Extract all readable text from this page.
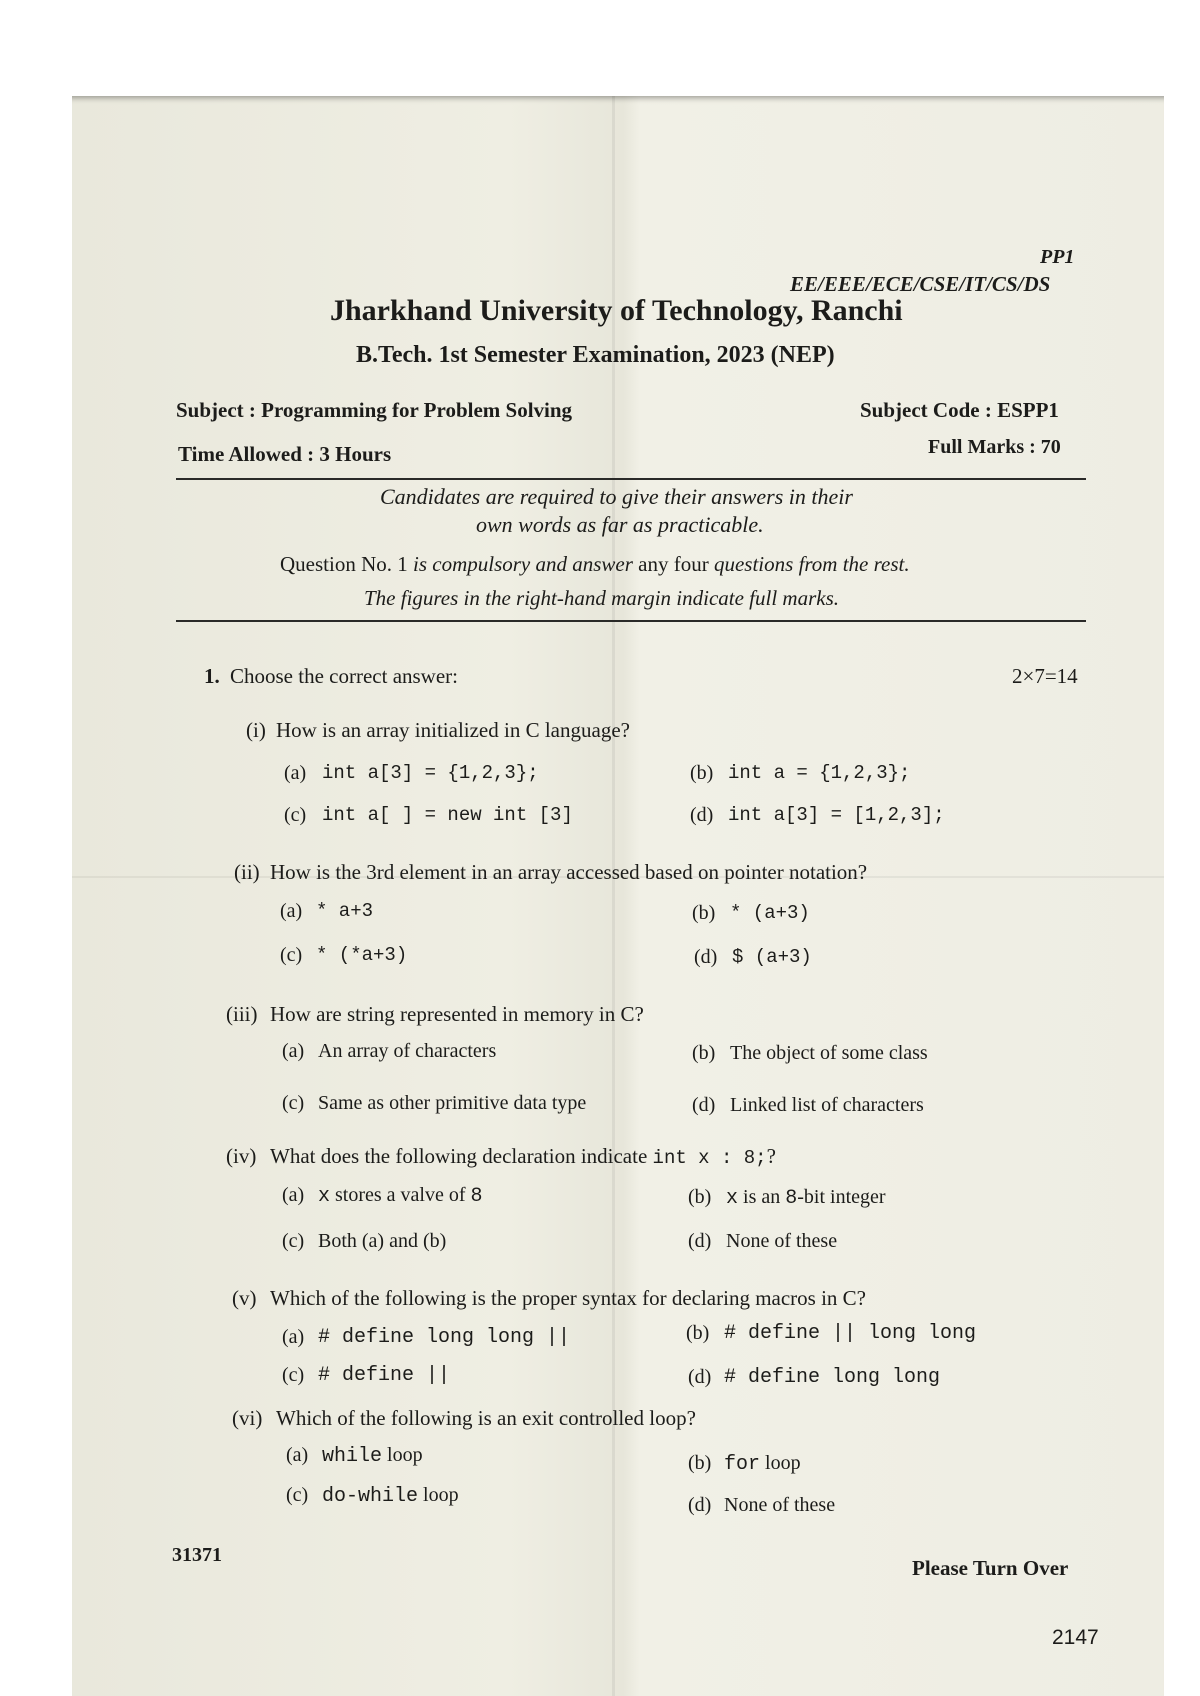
PP1
EE/EEE/ECE/CSE/IT/CS/DS
Jharkhand University of Technology, Ranchi
B.Tech. 1st Semester Examination, 2023 (NEP)
Subject : Programming for Problem Solving	Subject Code : ESPP1
Time Allowed : 3 Hours	Full Marks : 70
Candidates are required to give their answers in their
own words as far as practicable.
Question No. 1 is compulsory and answer any four questions from the rest.
The figures in the right-hand margin indicate full marks.
1. Choose the correct answer:	2×7=14
(i) How is an array initialized in C language?
(a) int a[3] = {1,2,3};	(b) int a = {1,2,3};
(c) int a[ ] = new int [3]	(d) int a[3] = [1,2,3];
(ii) How is the 3rd element in an array accessed based on pointer notation?
(a) * a+3	(b) * (a+3)
(c) * (*a+3)	(d) $ (a+3)
(iii) How are string represented in memory in C?
(a) An array of characters	(b) The object of some class
(c) Same as other primitive data type	(d) Linked list of characters
(iv) What does the following declaration indicate int x : 8;?
(a) x stores a valve of 8	(b) x is an 8-bit integer
(c) Both (a) and (b)	(d) None of these
(v) Which of the following is the proper syntax for declaring macros in C?
(a) # define long long ||	(b) # define || long long
(c) # define ||	(d) # define long long
(vi) Which of the following is an exit controlled loop?
(a) while loop	(b) for loop
(c) do-while loop	(d) None of these
31371
Please Turn Over
2147
